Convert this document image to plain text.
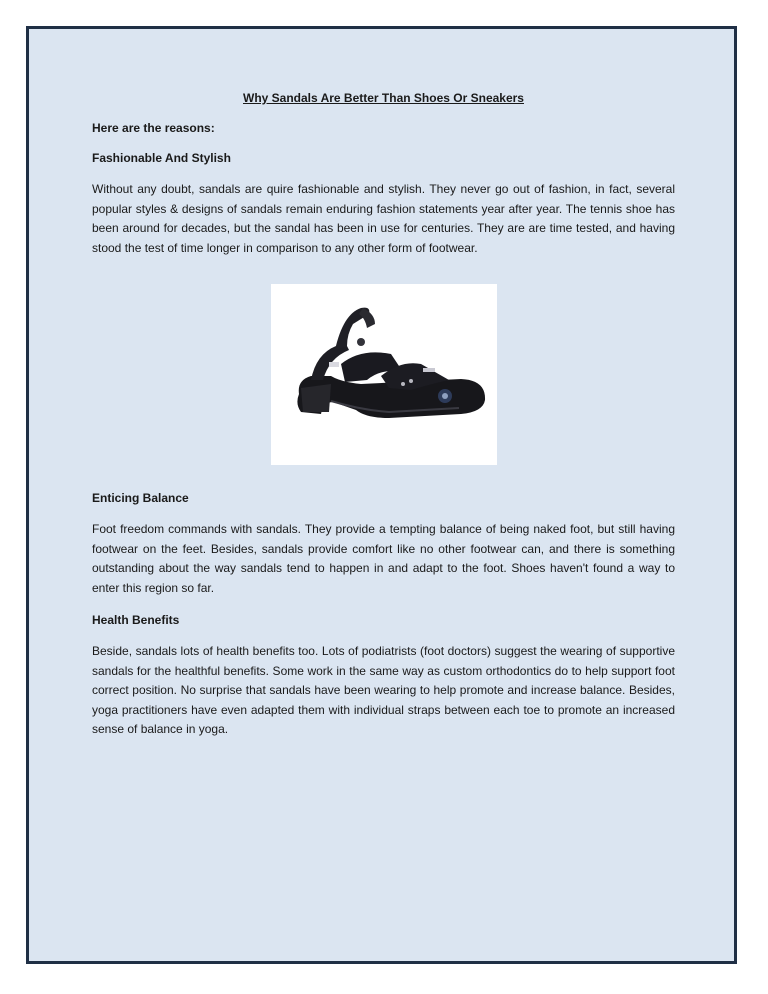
Why Sandals Are Better Than Shoes Or Sneakers
Here are the reasons:
Fashionable And Stylish
Without any doubt, sandals are quire fashionable and stylish. They never go out of fashion, in fact, several popular styles & designs of sandals remain enduring fashion statements year after year. The tennis shoe has been around for decades, but the sandal has been in use for centuries. They are are time tested, and having stood the test of time longer in comparison to any other form of footwear.
Enticing Balance
Foot freedom commands with sandals. They provide a tempting balance of being naked foot, but still having footwear on the feet. Besides, sandals provide comfort like no other footwear can, and there is something outstanding about the way sandals tend to happen in and adapt to the foot. Shoes haven't found a way to enter this region so far.
Health Benefits
Beside, sandals lots of health benefits too. Lots of podiatrists (foot doctors) suggest the wearing of supportive sandals for the healthful benefits. Some work in the same way as custom orthodontics do to help support foot correct position. No surprise that sandals have been wearing to help promote and increase balance. Besides, yoga practitioners have even adapted them with individual straps between each toe to promote an increased sense of balance in yoga.
